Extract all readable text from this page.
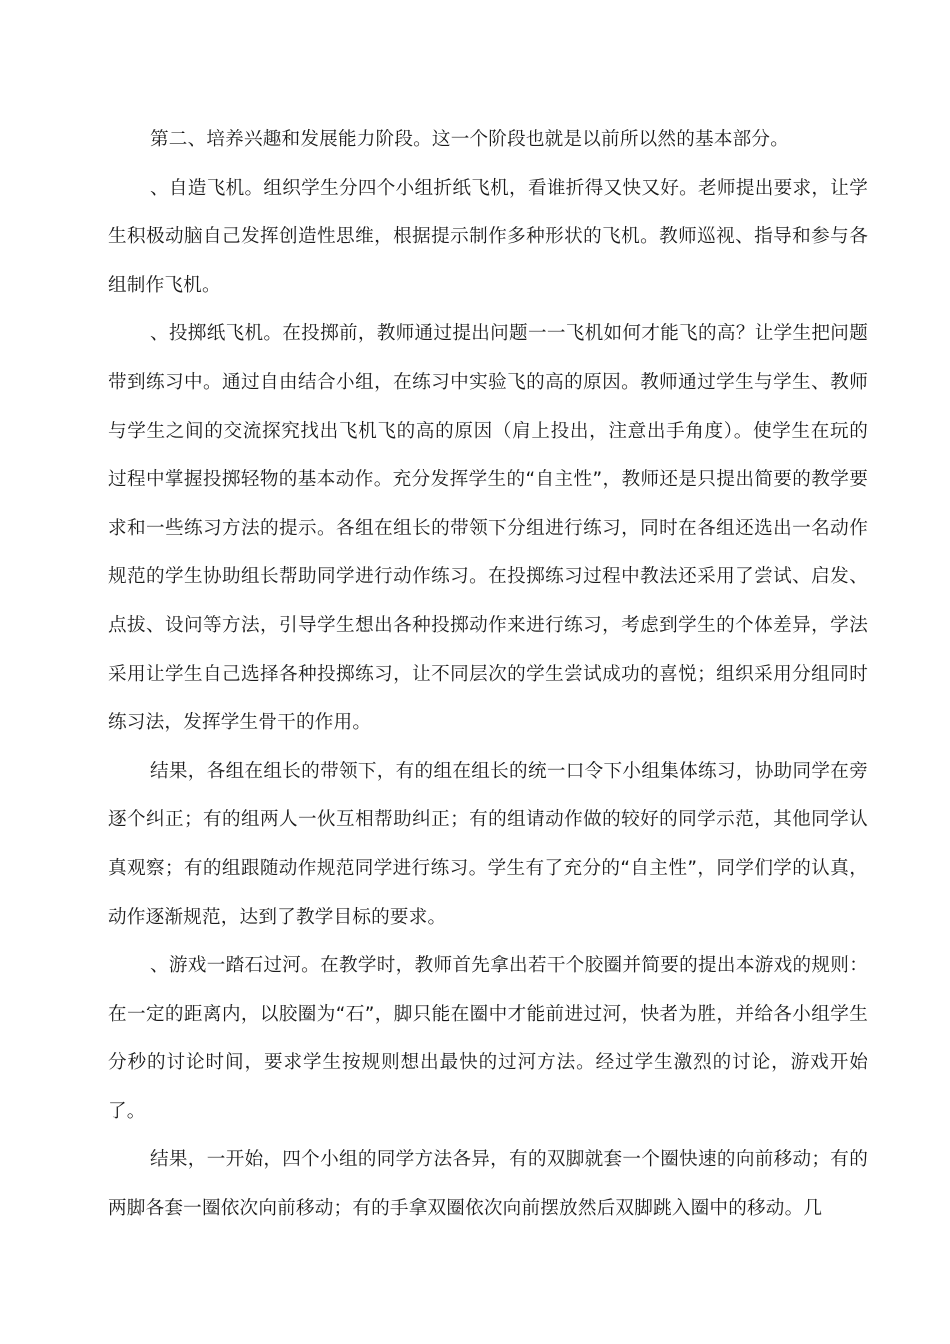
第二、培养兴趣和发展能力阶段。这一个阶段也就是以前所以然的基本部分。

、自造飞机。组织学生分四个小组折纸飞机，看谁折得又快又好。老师提出要求，让学生积极动脑自己发挥创造性思维，根据提示制作多种形状的飞机。教师巡视、指导和参与各组制作飞机。

、投掷纸飞机。在投掷前，教师通过提出问题一一飞机如何才能飞的高？让学生把问题带到练习中。通过自由结合小组，在练习中实验飞的高的原因。教师通过学生与学生、教师与学生之间的交流探究找出飞机飞的高的原因（肩上投出，注意出手角度）。使学生在玩的过程中掌握投掷轻物的基本动作。充分发挥学生的“自主性”，教师还是只提出简要的教学要求和一些练习方法的提示。各组在组长的带领下分组进行练习，同时在各组还选出一名动作规范的学生协助组长帮助同学进行动作练习。在投掷练习过程中教法还采用了尝试、启发、点拔、设问等方法，引导学生想出各种投掷动作来进行练习，考虑到学生的个体差异，学法采用让学生自己选择各种投掷练习，让不同层次的学生尝试成功的喜悦；组织采用分组同时练习法，发挥学生骨干的作用。

结果，各组在组长的带领下，有的组在组长的统一口令下小组集体练习，协助同学在旁逐个纠正；有的组两人一伙互相帮助纠正；有的组请动作做的较好的同学示范，其他同学认真观察；有的组跟随动作规范同学进行练习。学生有了充分的“自主性”，同学们学的认真，动作逐渐规范，达到了教学目标的要求。

、游戏一踏石过河。在教学时，教师首先拿出若干个胶圈并简要的提出本游戏的规则：在一定的距离内，以胶圈为“石”，脚只能在圈中才能前进过河，快者为胜，并给各小组学生分秒的讨论时间，要求学生按规则想出最快的过河方法。经过学生激烈的讨论，游戏开始了。

结果，一开始，四个小组的同学方法各异，有的双脚就套一个圈快速的向前移动；有的两脚各套一圈依次向前移动；有的手拿双圈依次向前摆放然后双脚跳入圈中的移动。几
